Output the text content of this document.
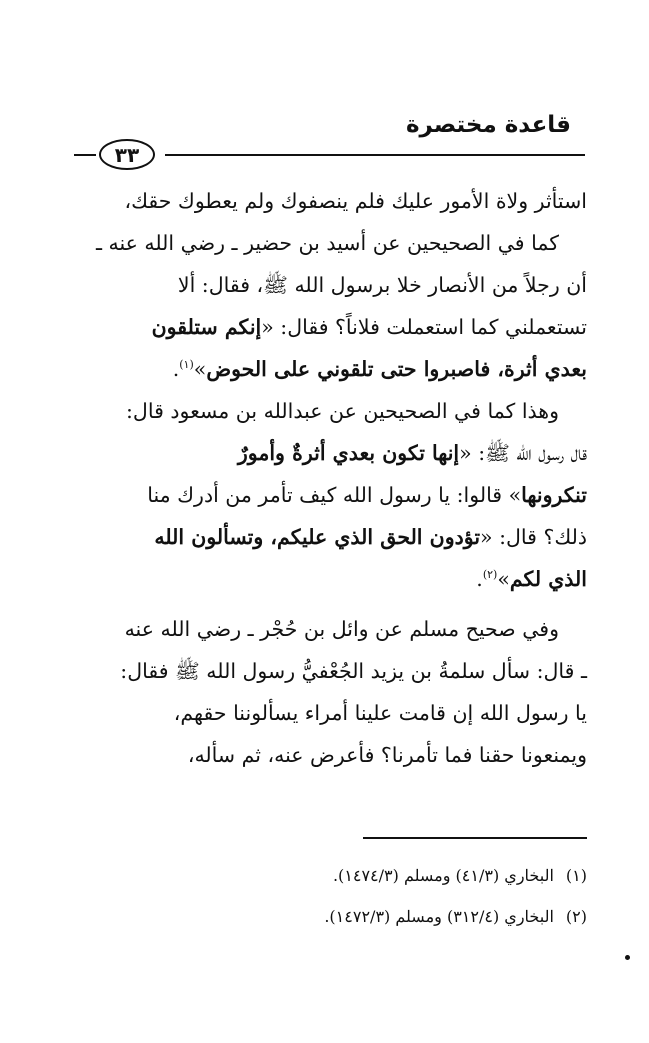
قاعدة مختصرة
٣٣

استأثر ولاة الأمور عليك فلم ينصفوك ولم يعطوك حقك،

كما في الصحيحين عن أسيد بن حضير ـ رضي الله عنه ـ

أن رجلاً من الأنصار خلا برسول الله ﷺ، فقال: ألا

تستعملني كما استعملت فلاناً؟ فقال: «إنكم ستلقون

بعدي أثرة، فاصبروا حتى تلقوني على الحوض»$^{(١)}$.

وهذا كما في الصحيحين عن عبدالله بن مسعود قال:

قال رسول الله ﷺ: «إنها تكون بعدي أثرةٌ وأمورٌ

تنكرونها» قالوا: يا رسول الله كيف تأمر من أدرك منا

ذلك؟ قال: «تؤدون الحق الذي عليكم، وتسألون الله

الذي لكم»$^{(٢)}$.

وفي صحيح مسلم عن وائل بن حُجْر ـ رضي الله عنه

ـ قال: سأل سلمةُ بن يزيد الجُعْفيُّ رسول الله ﷺ فقال:

يا رسول الله إن قامت علينا أمراء يسألوننا حقهم،

ويمنعونا حقنا فما تأمرنا؟ فأعرض عنه، ثم سأله،

(١)البخاري (٤١/٣) ومسلم (١٤٧٤/٣).

(٢)البخاري (٣١٢/٤) ومسلم (١٤٧٢/٣).
